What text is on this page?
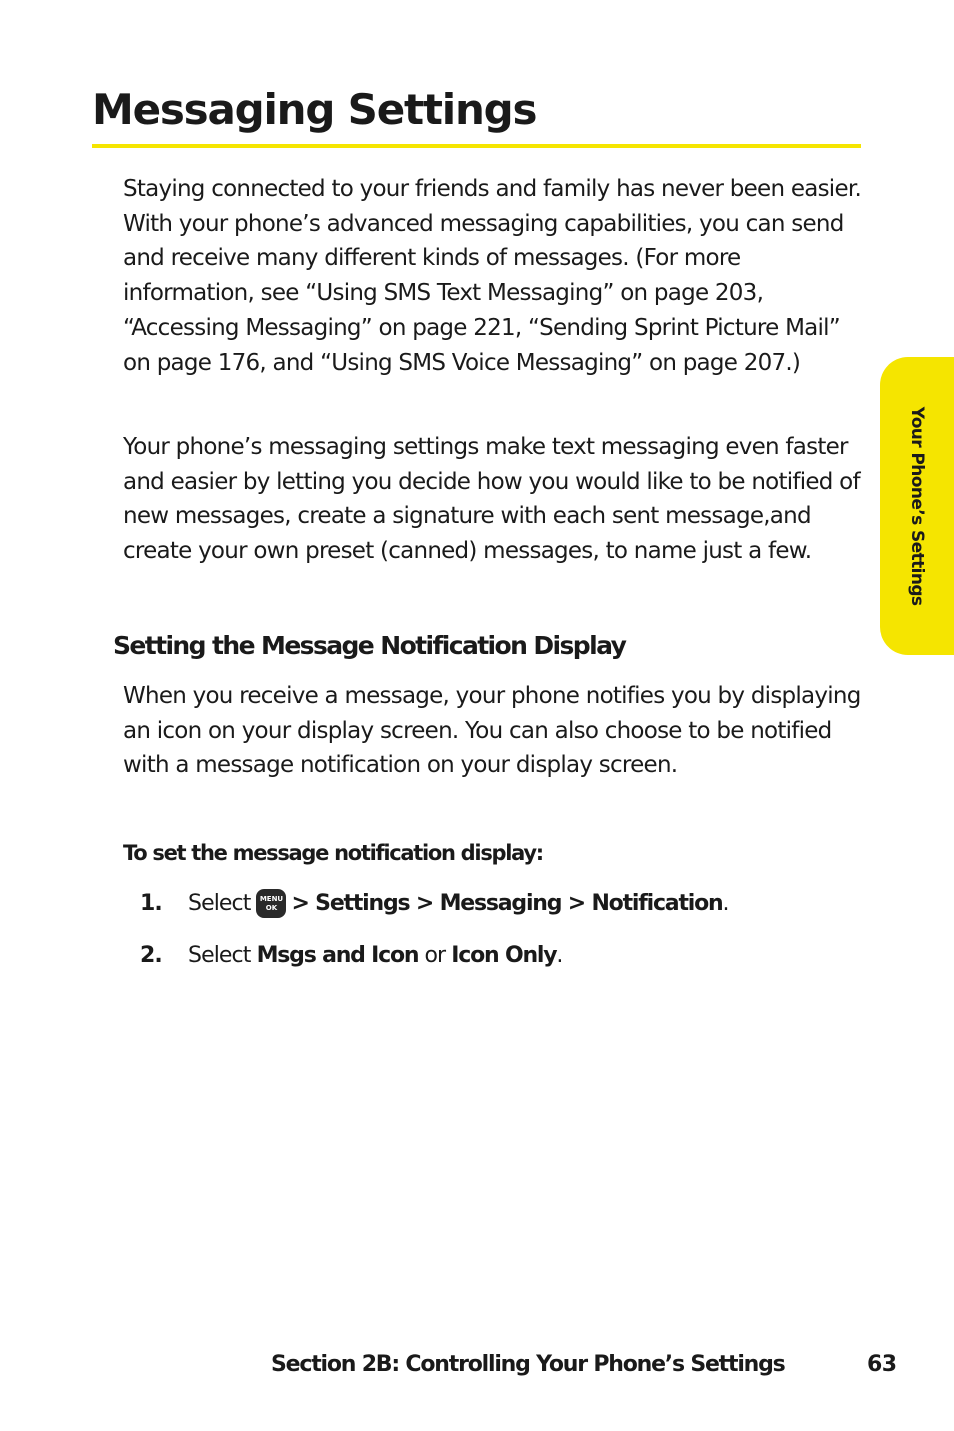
Messaging Settings

Staying connected to your friends and family has never been easier. With your phone’s advanced messaging capabilities, you can send and receive many different kinds of messages. (For more information, see “Using SMS Text Messaging” on page 203, “Accessing Messaging” on page 221, “Sending Sprint Picture Mail” on page 176, and “Using SMS Voice Messaging” on page 207.)

Your phone’s messaging settings make text messaging even faster and easier by letting you decide how you would like to be notified of new messages, create a signature with each sent message,and create your own preset (canned) messages, to name just a few.

Setting the Message Notification Display

When you receive a message, your phone notifies you by displaying an icon on your display screen. You can also choose to be notified with a message notification on your display screen.

To set the message notification display:
1.	Select	MENU
OK > Settings > Messaging > Notification .
2.	Select
Msgs and Icon
or
Icon Only .
Your Phone’s Settings
Section 2B: Controlling Your Phone’s Settings	63
